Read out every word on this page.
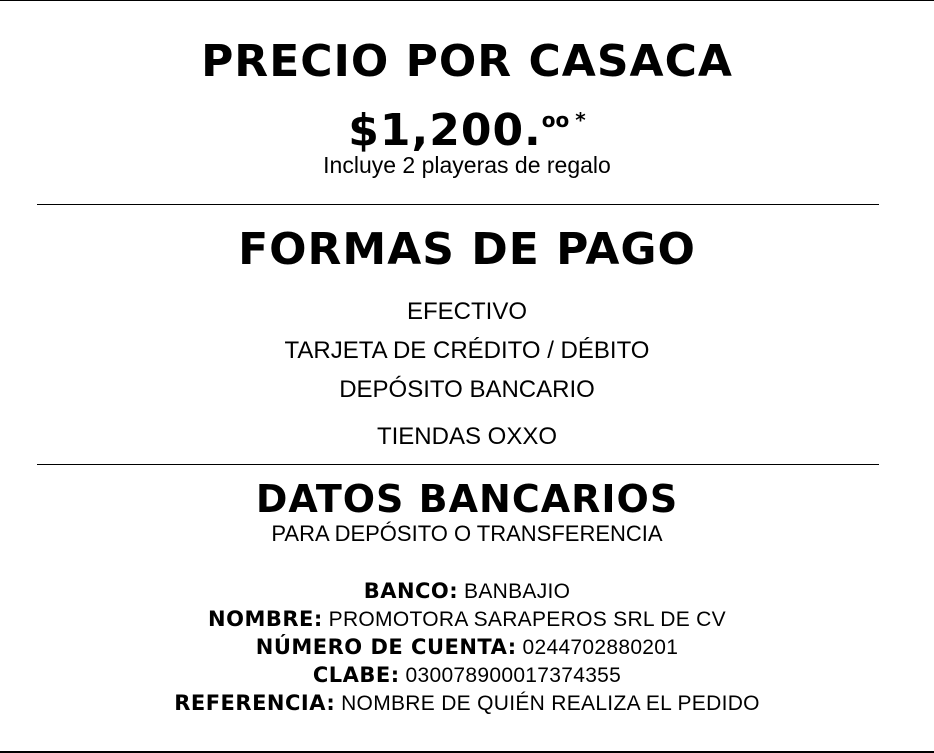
PRECIO POR CASACA
$1,200.$^{oo}$ *
Incluye 2 playeras de regalo
FORMAS DE PAGO
EFECTIVO
TARJETA DE CRÉDITO / DÉBITO
DEPÓSITO BANCARIO
TIENDAS OXXO
DATOS BANCARIOS
PARA DEPÓSITO O TRANSFERENCIA
BANCO: BANBAJIO
NOMBRE: PROMOTORA SARAPEROS SRL DE CV
NÚMERO DE CUENTA: 0244702880201
CLABE: 030078900017374355
REFERENCIA: NOMBRE DE QUIÉN REALIZA EL PEDIDO
